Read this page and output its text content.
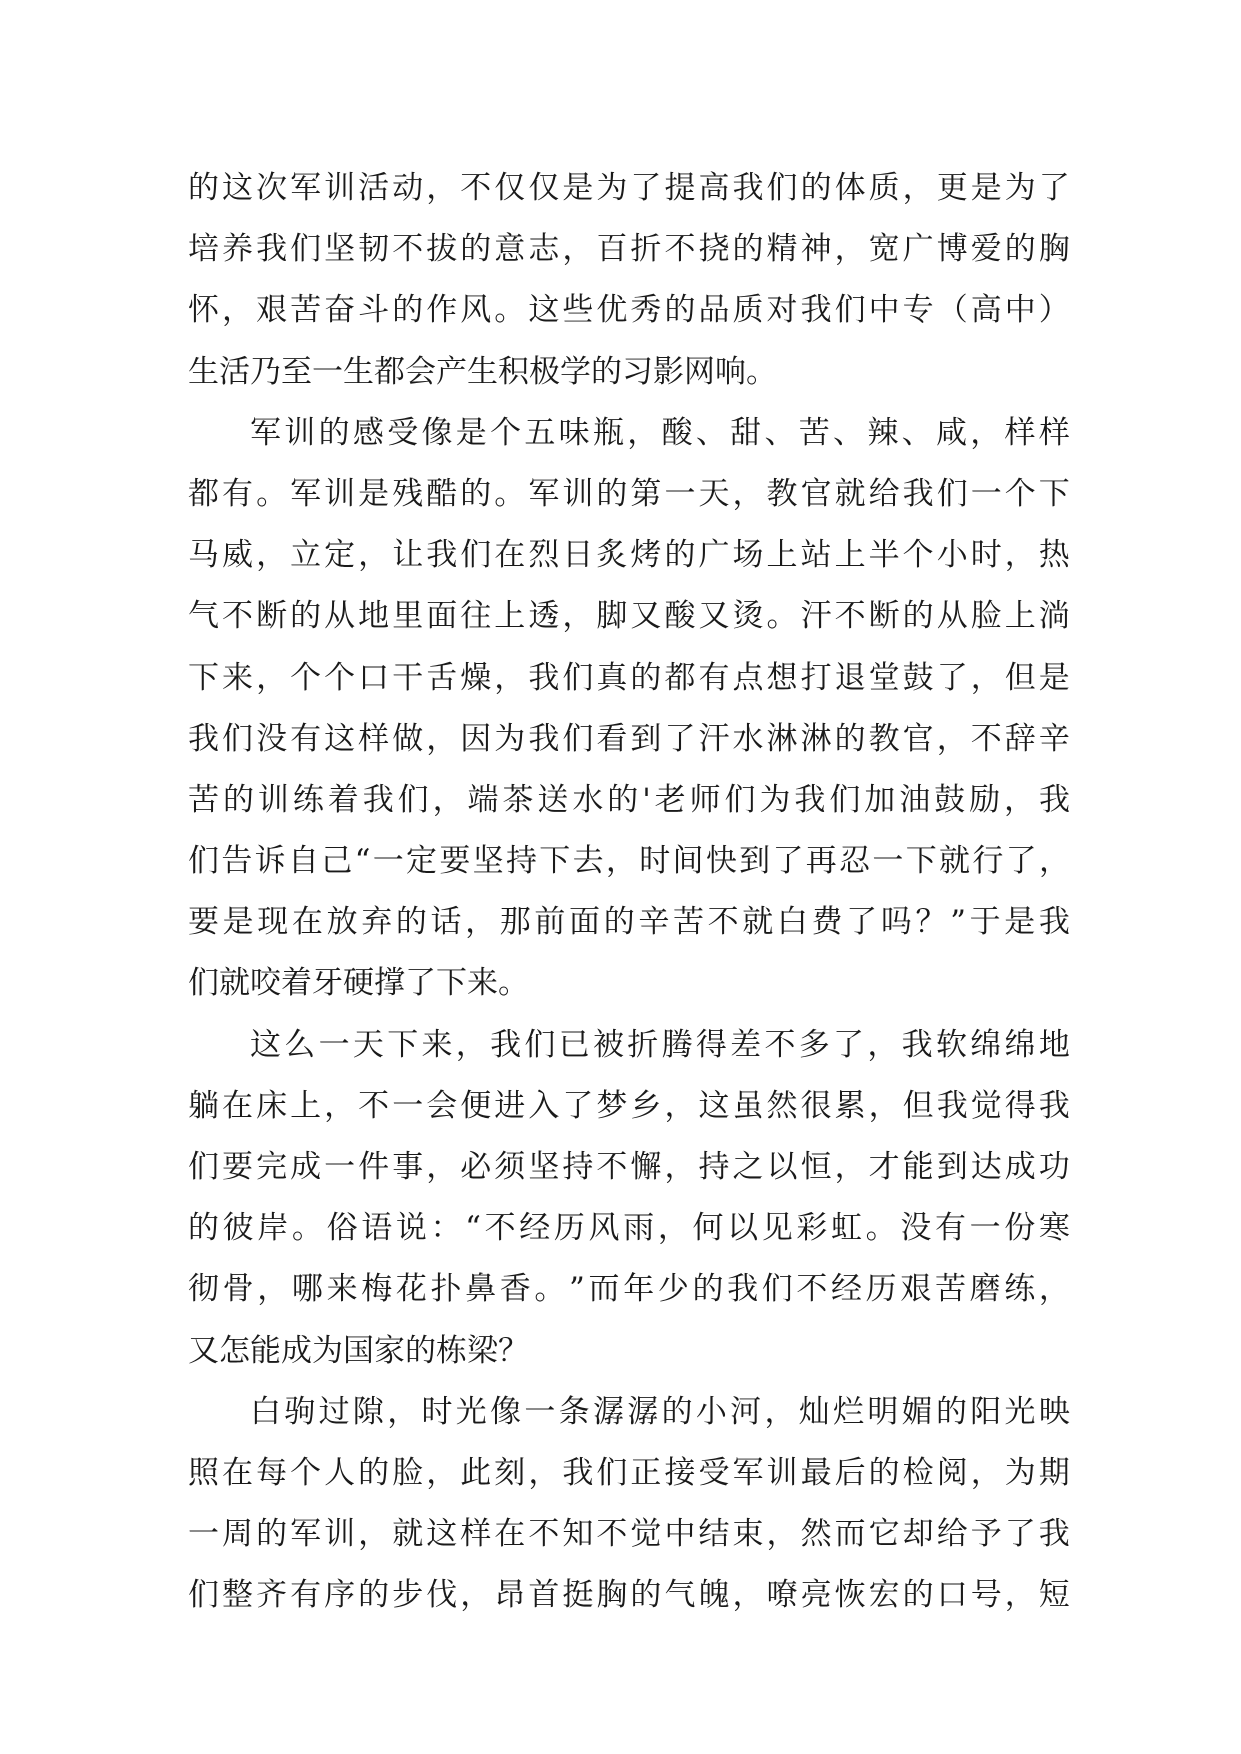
的 这 次 军 训 活 动 ， 不 仅 仅 是 为 了 提 高 我 们 的 体 质 ， 更 是 为 了
培 养 我 们 坚 韧 不 拔 的 意 志 ， 百 折 不 挠 的 精 神 ， 宽 广 博 爱 的 胸
怀 ， 艰 苦 奋 斗 的 作 风 。 这 些 优 秀 的 品 质 对 我 们 中 专 （ 高 中 ）
生 活 乃 至 一 生 都 会 产 生 积 极 学 的 习 影 网 响 。
军 训 的 感 受 像 是 个 五 味 瓶 ， 酸 、 甜 、 苦 、 辣 、 咸 ， 样 样
都 有 。 军 训 是 残 酷 的 。 军 训 的 第 一 天 ， 教 官 就 给 我 们 一 个 下
马 威 ， 立 定 ， 让 我 们 在 烈 日 炙 烤 的 广 场 上 站 上 半 个 小 时 ， 热
气 不 断 的 从 地 里 面 往 上 透 ， 脚 又 酸 又 烫 。 汗 不 断 的 从 脸 上 淌
下 来 ， 个 个 口 干 舌 燥 ， 我 们 真 的 都 有 点 想 打 退 堂 鼓 了 ， 但 是
我 们 没 有 这 样 做 ， 因 为 我 们 看 到 了 汗 水 淋 淋 的 教 官 ， 不 辞 辛
苦 的 训 练 着 我 们 ， 端 茶 送 水 的 ' 老 师 们 为 我 们 加 油 鼓 励 ， 我
们 告 诉 自 己 “ 一 定 要 坚 持 下 去 ， 时 间 快 到 了 再 忍 一 下 就 行 了 ，
要 是 现 在 放 弃 的 话 ， 那 前 面 的 辛 苦 不 就 白 费 了 吗 ？ ” 于 是 我
们 就 咬 着 牙 硬 撑 了 下 来 。
这 么 一 天 下 来 ， 我 们 已 被 折 腾 得 差 不 多 了 ， 我 软 绵 绵 地
躺 在 床 上 ， 不 一 会 便 进 入 了 梦 乡 ， 这 虽 然 很 累 ， 但 我 觉 得 我
们 要 完 成 一 件 事 ， 必 须 坚 持 不 懈 ， 持 之 以 恒 ， 才 能 到 达 成 功
的 彼 岸 。 俗 语 说 ： “ 不 经 历 风 雨 ， 何 以 见 彩 虹 。 没 有 一 份 寒
彻 骨 ， 哪 来 梅 花 扑 鼻 香 。 ” 而 年 少 的 我 们 不 经 历 艰 苦 磨 练 ，
又 怎 能 成 为 国 家 的 栋 梁 ？
白 驹 过 隙 ， 时 光 像 一 条 潺 潺 的 小 河 ， 灿 烂 明 媚 的 阳 光 映
照 在 每 个 人 的 脸 ， 此 刻 ， 我 们 正 接 受 军 训 最 后 的 检 阅 ， 为 期
一 周 的 军 训 ， 就 这 样 在 不 知 不 觉 中 结 束 ， 然 而 它 却 给 予 了 我
们 整 齐 有 序 的 步 伐 ， 昂 首 挺 胸 的 气 魄 ， 嘹 亮 恢 宏 的 口 号 ， 短
